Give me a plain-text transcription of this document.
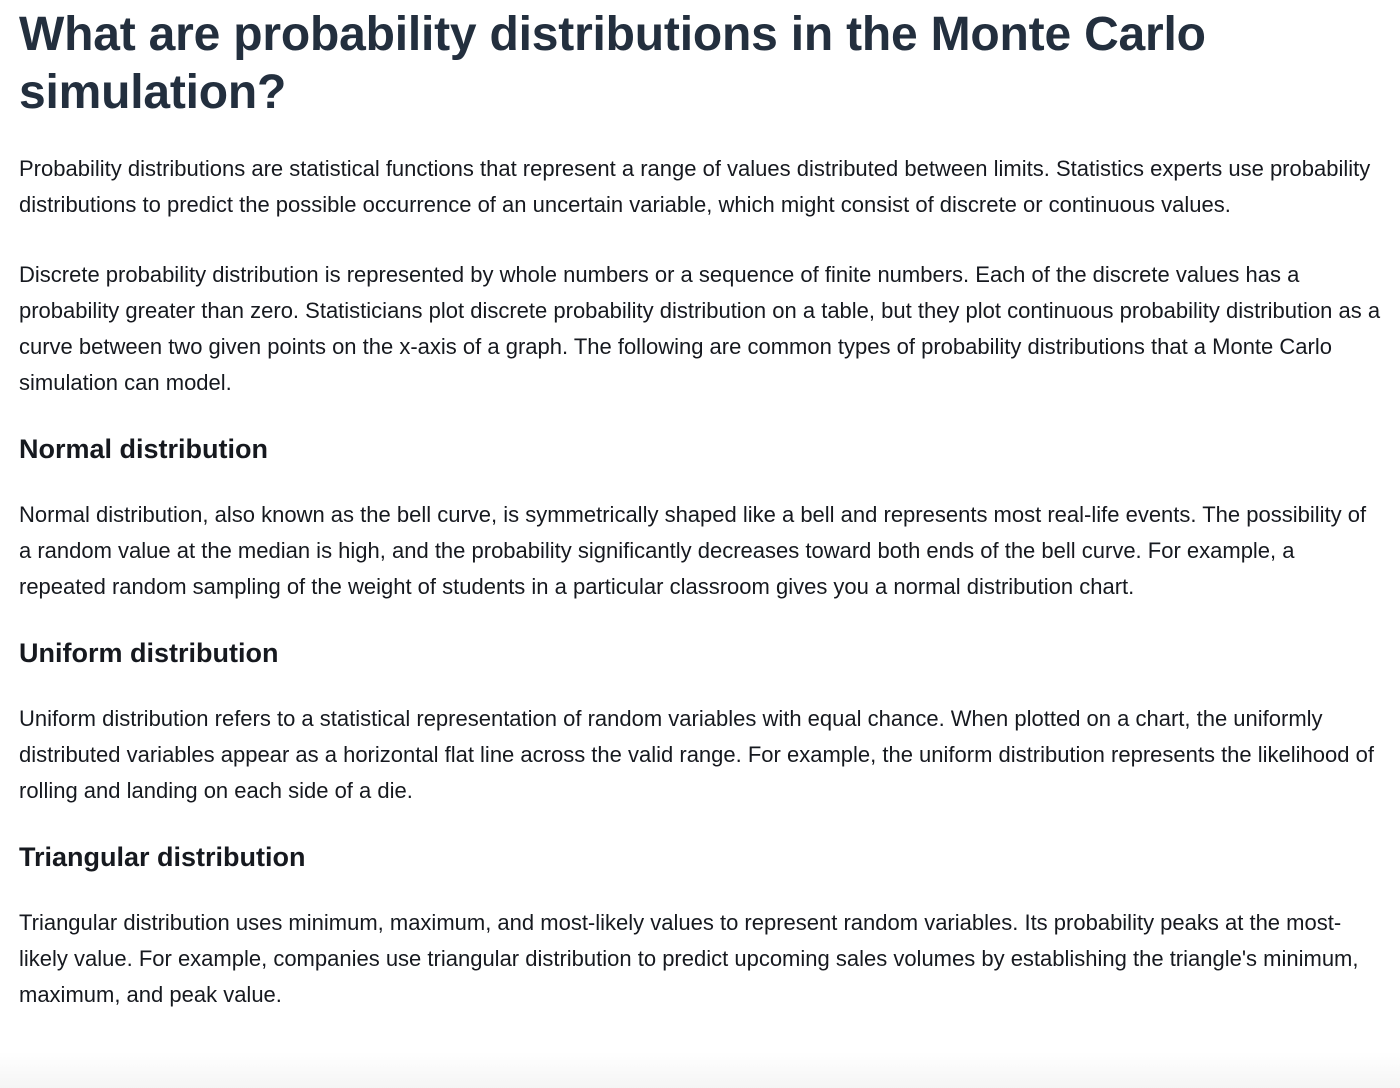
What are probability distributions in the Monte Carlo simulation?

Probability distributions are statistical functions that represent a range of values distributed between limits. Statistics experts use probability distributions to predict the possible occurrence of an uncertain variable, which might consist of discrete or continuous values.

Discrete probability distribution is represented by whole numbers or a sequence of finite numbers. Each of the discrete values has a probability greater than zero. Statisticians plot discrete probability distribution on a table, but they plot continuous probability distribution as a curve between two given points on the x-axis of a graph. The following are common types of probability distributions that a Monte Carlo simulation can model.

Normal distribution

Normal distribution, also known as the bell curve, is symmetrically shaped like a bell and represents most real-life events. The possibility of a random value at the median is high, and the probability significantly decreases toward both ends of the bell curve. For example, a repeated random sampling of the weight of students in a particular classroom gives you a normal distribution chart.

Uniform distribution

Uniform distribution refers to a statistical representation of random variables with equal chance. When plotted on a chart, the uniformly distributed variables appear as a horizontal flat line across the valid range. For example, the uniform distribution represents the likelihood of rolling and landing on each side of a die.

Triangular distribution

Triangular distribution uses minimum, maximum, and most-likely values to represent random variables. Its probability peaks at the most-likely value. For example, companies use triangular distribution to predict upcoming sales volumes by establishing the triangle's minimum, maximum, and peak value.
